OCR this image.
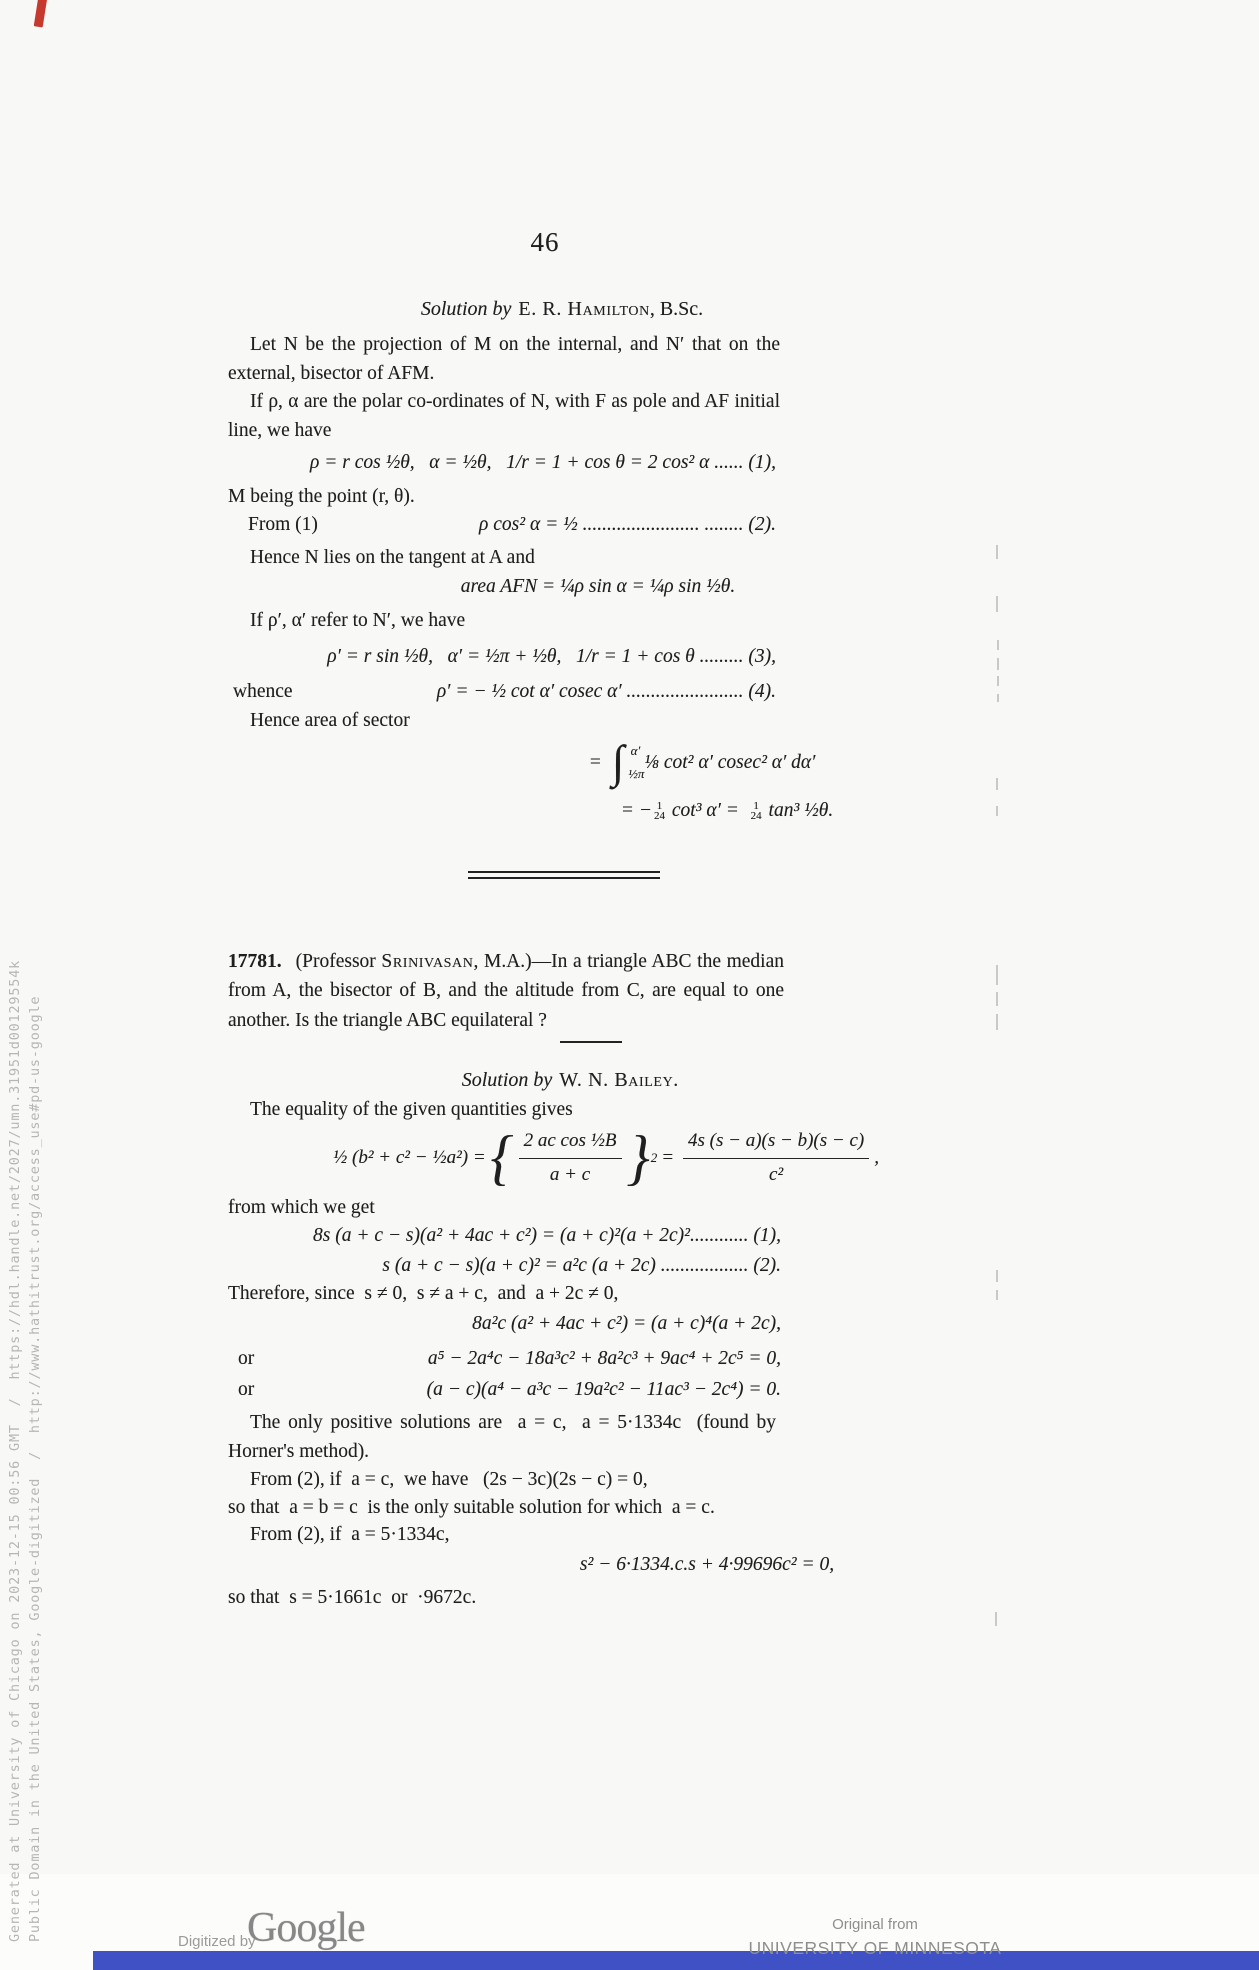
Generated at University of Chicago on 2023-12-15 00:56 GMT  /  https://hdl.handle.net/2027/umn.31951d00129554k Public Domain in the United States, Google-digitized  /  http://www.hathitrust.org/access_use#pd-us-google
46
Solution by E. R. Hamilton, B.Sc.
Let N be the projection of M on the internal, and N′ that on the external, bisector of AFM.
If ρ, α are the polar co-ordinates of N, with F as pole and AF initial line, we have
ρ = r cos ½θ,   α = ½θ,   1/r = 1 + cos θ = 2 cos² α ...... (1),
M being the point (r, θ).
From (1)	ρ cos² α = ½ ........................ ........ (2).
Hence N lies on the tangent at A and
area AFN = ¼ρ sin α = ¼ρ sin ½θ.
If ρ′, α′ refer to N′, we have
ρ′ = r sin ½θ,   α′ = ½π + ½θ,   1/r = 1 + cos θ ......... (3),
whence	ρ′ = − ½ cot α′ cosec α′ ........................ (4).
Hence area of sector
= ∫ α′
½π
⅛ cot² α′ cosec² α′ dα′
= − 1
24 cot³ α′ = 1
24 tan³ ½θ.
17781. (Professor Srinivasan, M.A.)—In a triangle ABC the median from A, the bisector of B, and the altitude from C, are equal to one another. Is the triangle ABC equilateral ?
Solution by W. N. Bailey.
The equality of the given quantities gives
½ (b² + c² − ½a²) = { $\frac{\text{2 ac cos ½B}}{a + c}$ } $2 = \frac{4s (s - a)(s - b)(s - c)}{\text{c²}}$ ,
from which we get
8s (a + c − s)(a² + 4ac + c²) = (a + c)²(a + 2c)²............ (1),
s (a + c − s)(a + c)² = a²c (a + 2c) .................. (2).
Therefore, since  s ≠ 0,  s ≠ a + c,  and  a + 2c ≠ 0,
8a²c (a² + 4ac + c²) = (a + c)⁴(a + 2c),
or	a⁵ − 2a⁴c − 18a³c² + 8a²c³ + 9ac⁴ + 2c⁵ = 0,
or	(a − c)(a⁴ − a³c − 19a²c² − 11ac³ − 2c⁴) = 0.
The only positive solutions are  a = c,  a = 5·1334c  (found by Horner's method).
From (2), if  a = c,  we have   (2s − 3c)(2s − c) = 0,
so that  a = b = c  is the only suitable solution for which  a = c.
From (2), if  a = 5·1334c,
s² − 6·1334.c.s + 4·99696c² = 0,
so that  s = 5·1661c  or  ·9672c.
Digitized by
Google	Original from
UNIVERSITY OF MINNESOTA
